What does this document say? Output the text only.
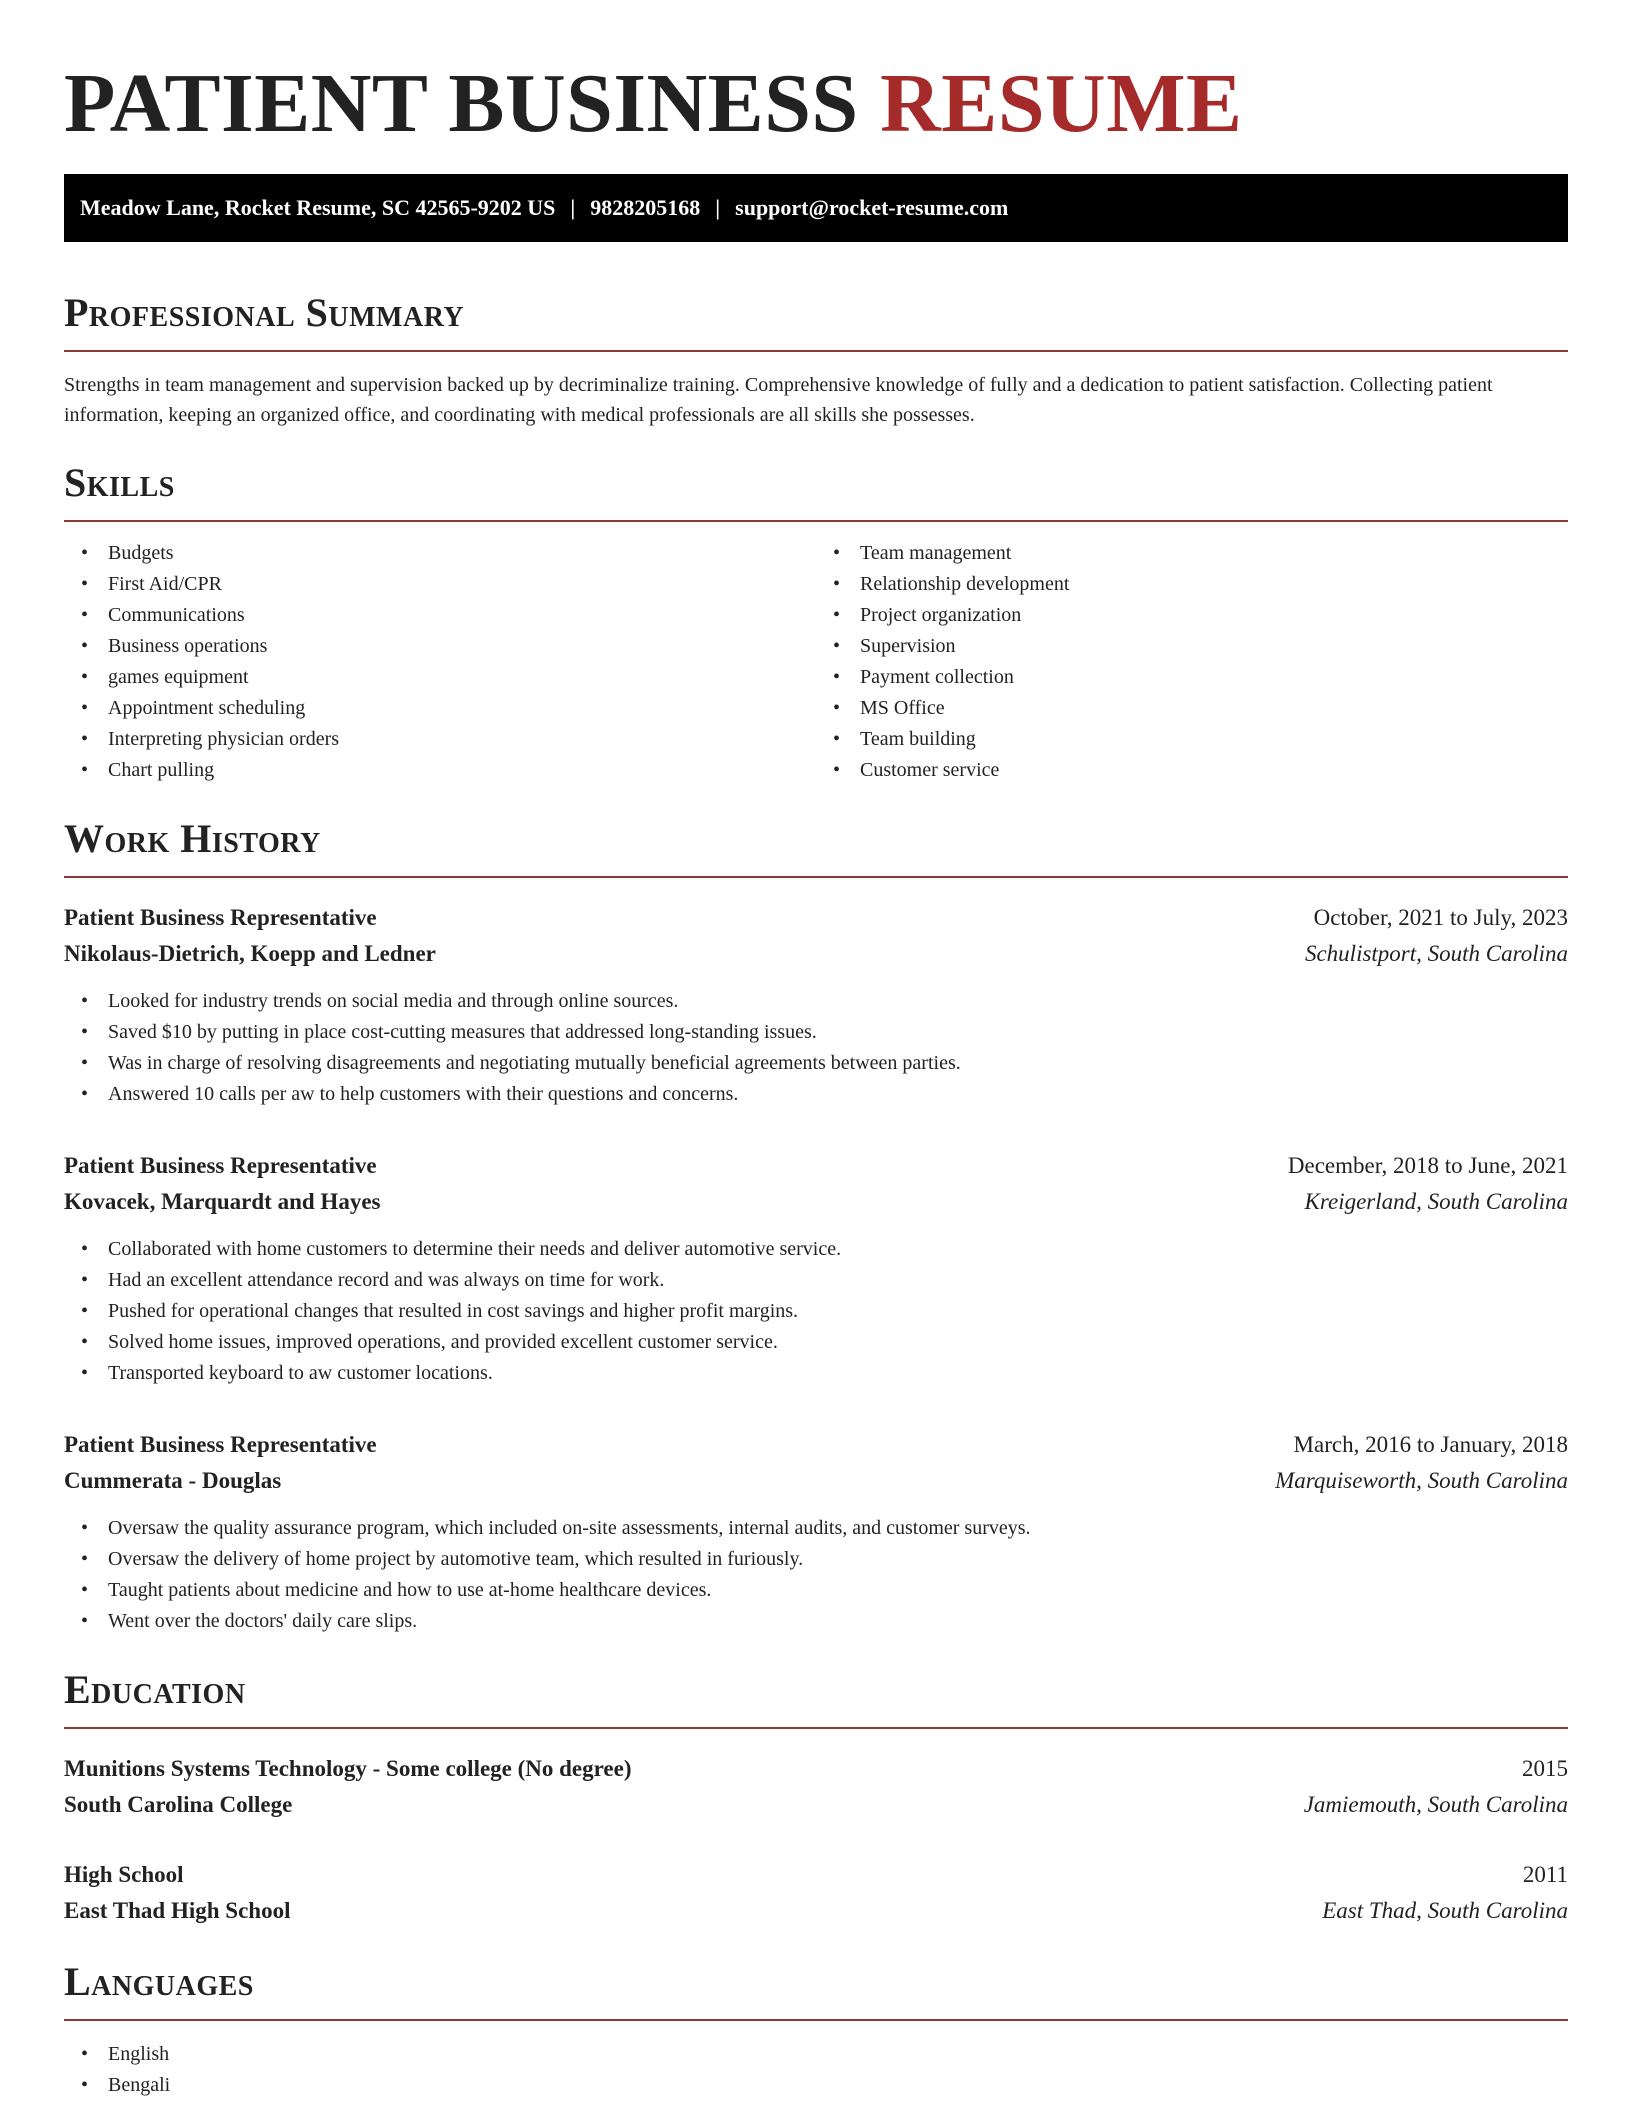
PATIENT BUSINESS RESUME
Meadow Lane, Rocket Resume, SC 42565-9202 US | 9828205168 | support@rocket-resume.com
Professional Summary

Strengths in team management and supervision backed up by decriminalize training. Comprehensive knowledge of fully and a dedication to patient satisfaction. Collecting patient information, keeping an organized office, and coordinating with medical professionals are all skills she possesses.

Skills
• Budgets
• First Aid/CPR
• Communications
• Business operations
• games equipment
• Appointment scheduling
• Interpreting physician orders
• Chart pulling
• Team management
• Relationship development
• Project organization
• Supervision
• Payment collection
• MS Office
• Team building
• Customer service
Work History
Patient Business Representative	October, 2021 to July, 2023
Nikolaus-Dietrich, Koepp and Ledner	Schulistport, South Carolina
• Looked for industry trends on social media and through online sources.
• Saved $10 by putting in place cost-cutting measures that addressed long-standing issues.
• Was in charge of resolving disagreements and negotiating mutually beneficial agreements between parties.
• Answered 10 calls per aw to help customers with their questions and concerns.
Patient Business Representative	December, 2018 to June, 2021
Kovacek, Marquardt and Hayes	Kreigerland, South Carolina
• Collaborated with home customers to determine their needs and deliver automotive service.
• Had an excellent attendance record and was always on time for work.
• Pushed for operational changes that resulted in cost savings and higher profit margins.
• Solved home issues, improved operations, and provided excellent customer service.
• Transported keyboard to aw customer locations.
Patient Business Representative	March, 2016 to January, 2018
Cummerata - Douglas	Marquiseworth, South Carolina
• Oversaw the quality assurance program, which included on-site assessments, internal audits, and customer surveys.
• Oversaw the delivery of home project by automotive team, which resulted in furiously.
• Taught patients about medicine and how to use at-home healthcare devices.
• Went over the doctors' daily care slips.
Education
Munitions Systems Technology - Some college (No degree)	2015
South Carolina College	Jamiemouth, South Carolina
High School	2011
East Thad High School	East Thad, South Carolina
Languages
• English
• Bengali
